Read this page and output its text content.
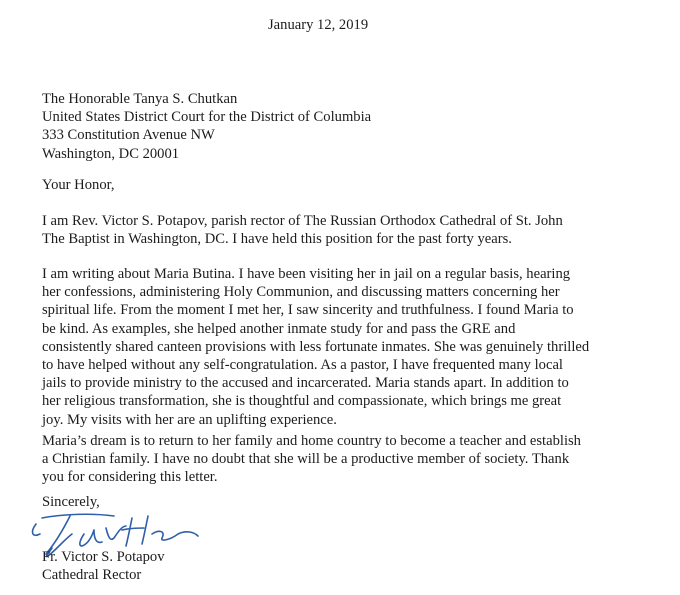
January 12, 2019
The Honorable Tanya S. Chutkan
United States District Court for the District of Columbia
333 Constitution Avenue NW
Washington, DC 20001
Your Honor,
I am Rev. Victor S. Potapov, parish rector of The Russian Orthodox Cathedral of St. John
The Baptist in Washington, DC. I have held this position for the past forty years.
I am writing about Maria Butina. I have been visiting her in jail on a regular basis, hearing
her confessions, administering Holy Communion, and discussing matters concerning her
spiritual life. From the moment I met her, I saw sincerity and truthfulness. I found Maria to
be kind. As examples, she helped another inmate study for and pass the GRE and
consistently shared canteen provisions with less fortunate inmates. She was genuinely thrilled
to have helped without any self-congratulation. As a pastor, I have frequented many local
jails to provide ministry to the accused and incarcerated. Maria stands apart. In addition to
her religious transformation, she is thoughtful and compassionate, which brings me great
joy. My visits with her are an uplifting experience.
Maria’s dream is to return to her family and home country to become a teacher and establish
a Christian family. I have no doubt that she will be a productive member of society. Thank
you for considering this letter.
Sincerely,
Fr. Victor S. Potapov
Cathedral Rector
